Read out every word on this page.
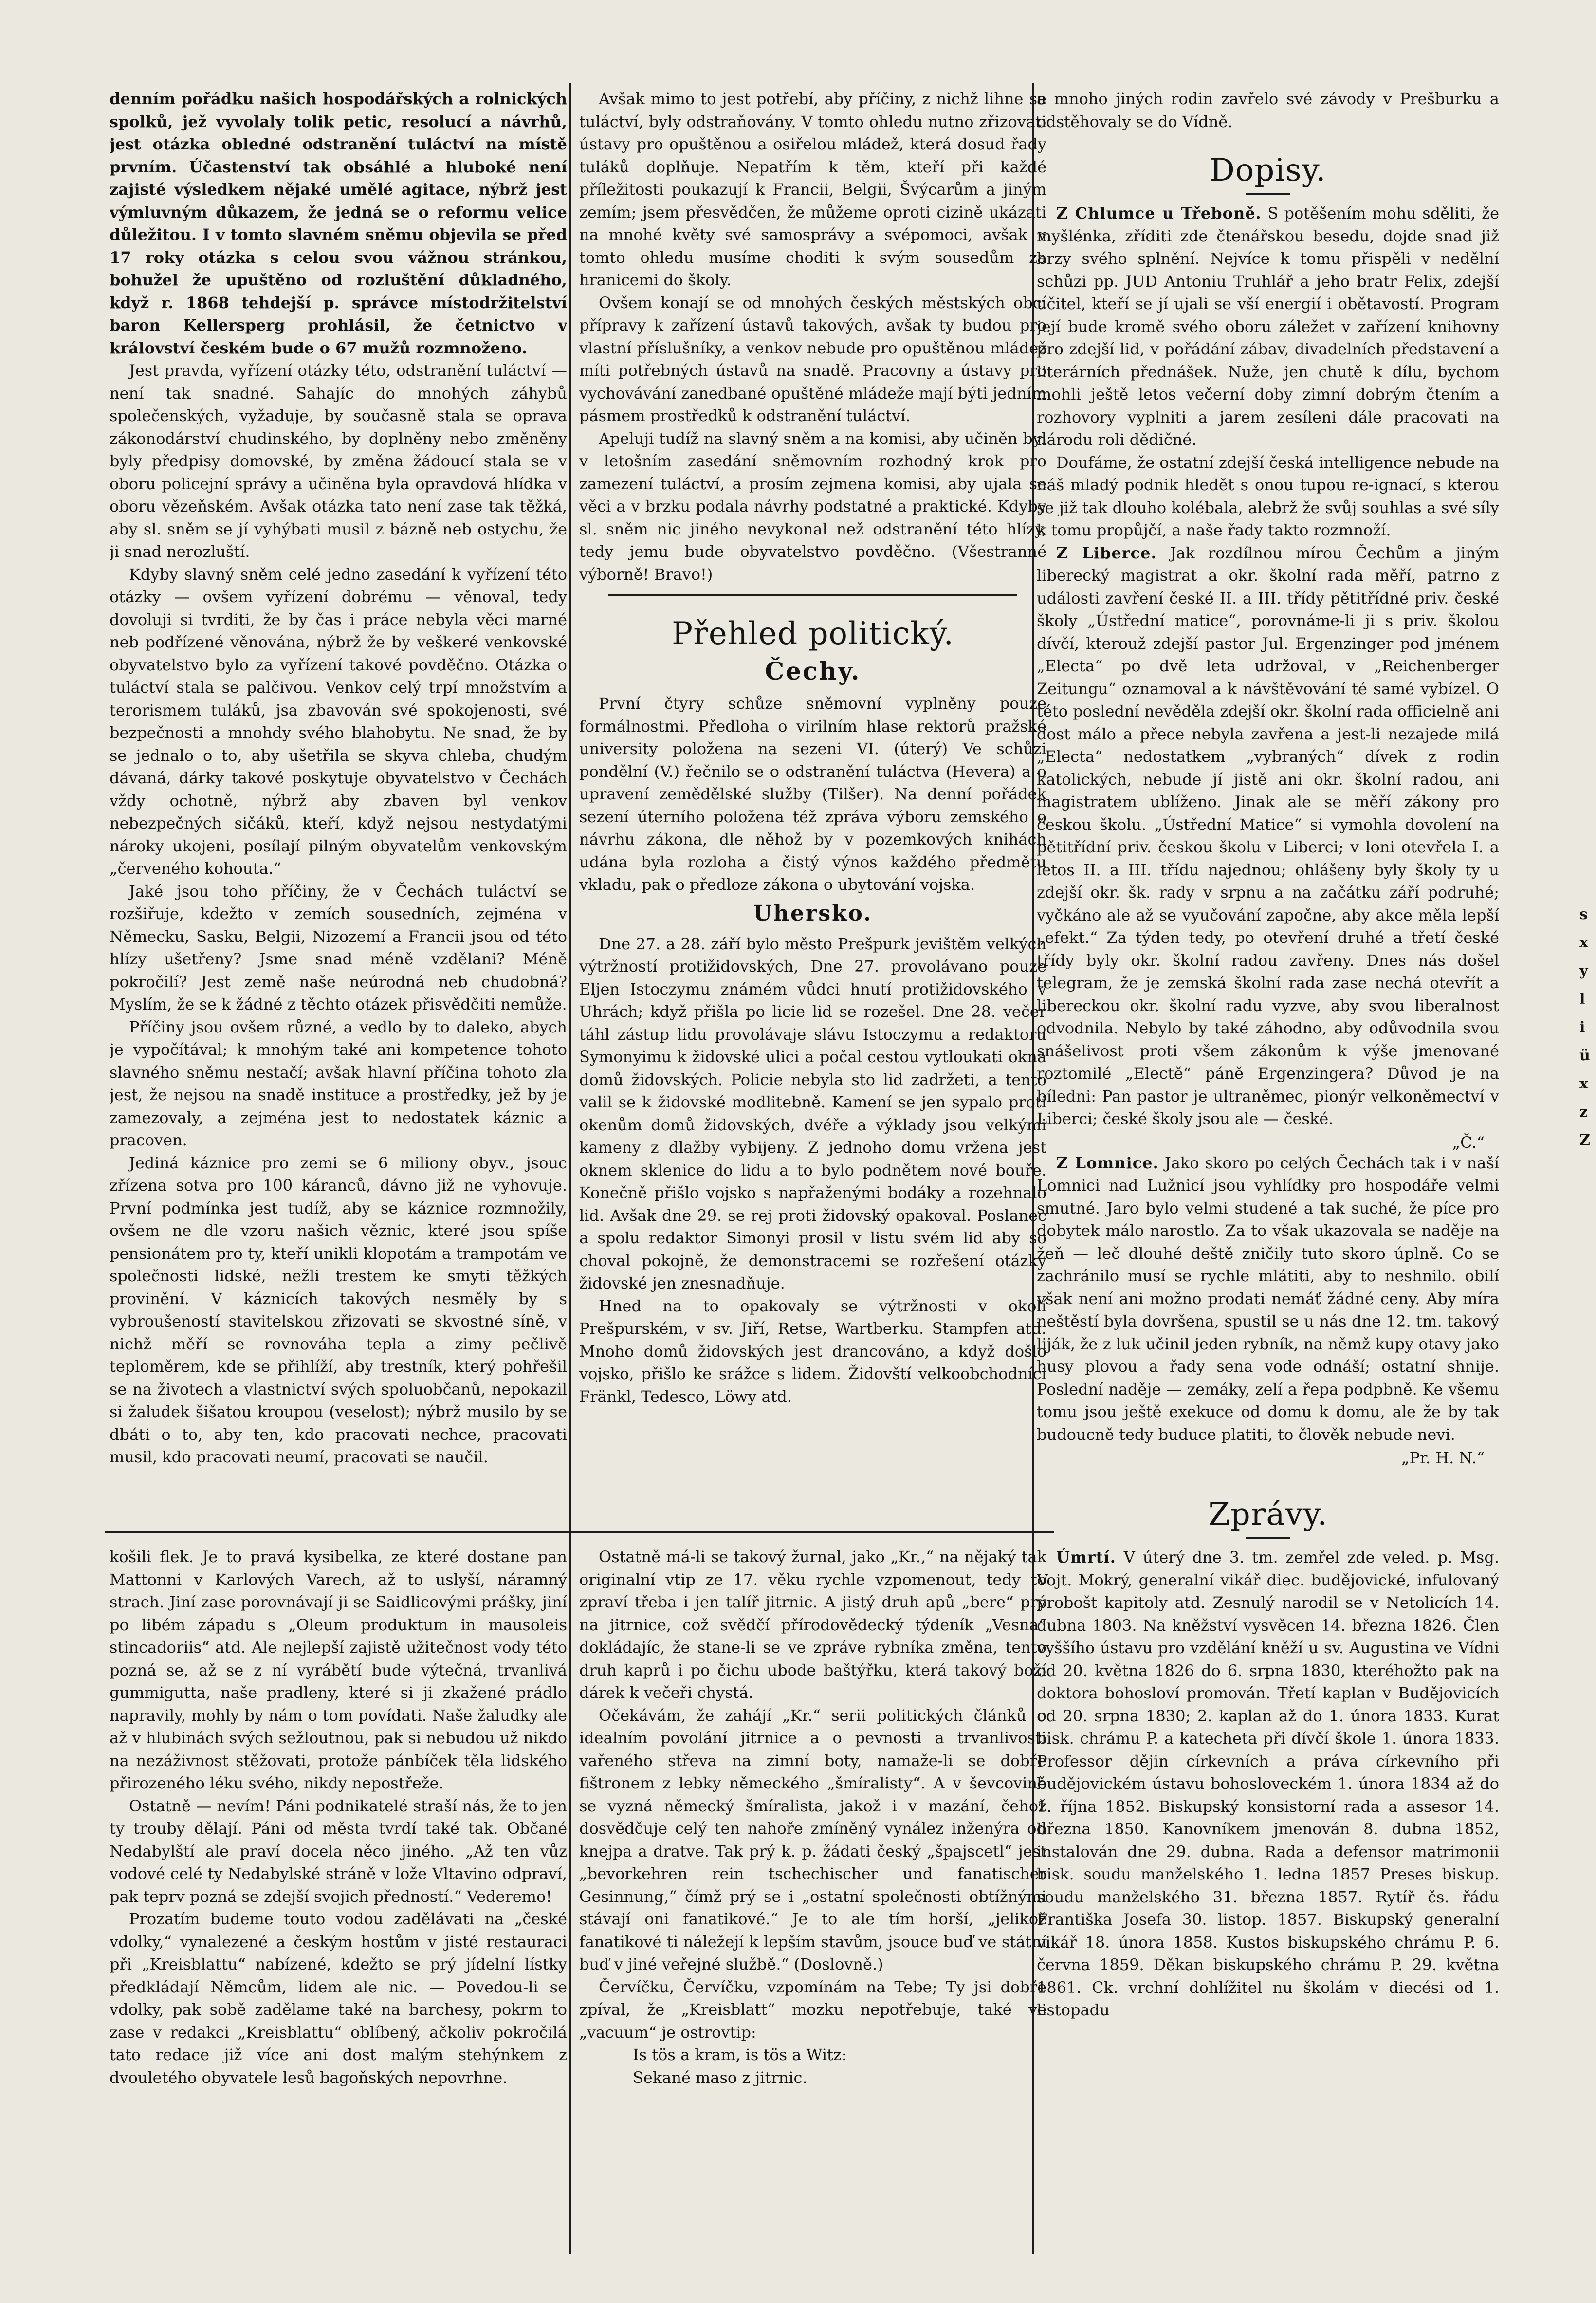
denním pořádku našich hospodářských a rolnických spolků, jež vyvolaly tolik petic, resolucí a návrhů, jest otázka obledné odstranění tuláctví na místě prvním. Účastenství tak obsáhlé a hluboké není zajisté výsledkem nějaké umělé agitace, nýbrž jest výmluvným důkazem, že jedná se o reformu velice důležitou. I v tomto slavném sněmu objevila se před 17 roky otázka s celou svou vážnou stránkou, bohužel že upuštěno od rozluštění důkladného, když r. 1868 tehdejší p. správce místodržitelství baron Kellersperg prohlásil, že četnictvo v království českém bude o 67 mužů rozmnoženo.

Jest pravda, vyřízení otázky této, odstranění tuláctví — není tak snadné. Sahajíc do mnohých záhybů společenských, vyžaduje, by současně stala se oprava zákonodárství chudinského, by doplněny nebo změněny byly předpisy domovské, by změna žádoucí stala se v oboru policejní správy a učiněna byla opravdová hlídka v oboru vězeňském. Avšak otázka tato není zase tak těžká, aby sl. sněm se jí vyhýbati musil z bázně neb ostychu, že ji snad nerozluští.

Kdyby slavný sněm celé jedno zasedání k vyřízení této otázky — ovšem vyřízení dobrému — věnoval, tedy dovoluji si tvrditi, že by čas i práce nebyla věci marné neb podřízené věnována, nýbrž že by veškeré venkovské obyvatelstvo bylo za vyřízení takové povděčno. Otázka o tuláctví stala se palčivou. Venkov celý trpí množstvím a terorismem tuláků, jsa zbavován své spokojenosti, své bezpečnosti a mnohdy svého blahobytu. Ne snad, že by se jednalo o to, aby ušetřila se skyva chleba, chudým dávaná, dárky takové poskytuje obyvatelstvo v Čechách vždy ochotně, nýbrž aby zbaven byl venkov nebezpečných sičáků, kteří, když nejsou nestydatými nároky ukojeni, posílají pilným obyvatelům venkovským „červeného kohouta.“

Jaké jsou toho příčiny, že v Čechách tuláctví se rozšiřuje, kdežto v zemích sousedních, zejména v Německu, Sasku, Belgii, Nizozemí a Francii jsou od této hlízy ušetřeny? Jsme snad méně vzdělani? Méně pokročilí? Jest země naše neúrodná neb chudobná? Myslím, že se k žádné z těchto otázek přisvědčiti nemůže.

Příčiny jsou ovšem různé, a vedlo by to daleko, abych je vypočítával; k mnohým také ani kompetence tohoto slavného sněmu nestačí; avšak hlavní příčina tohoto zla jest, že nejsou na snadě instituce a prostředky, jež by je zamezovaly, a zejména jest to nedostatek káznic a pracoven.

Jediná káznice pro zemi se 6 miliony obyv., jsouc zřízena sotva pro 100 káranců, dávno již ne vyhovuje. První podmínka jest tudíž, aby se káznice rozmnožily, ovšem ne dle vzoru našich věznic, které jsou spíše pensionátem pro ty, kteří unikli klopotám a trampotám ve společnosti lidské, nežli trestem ke smyti těžkých provinění. V káznicích takových nesměly by s vybroušeností stavitelskou zřizovati se skvostné síně, v nichž měří se rovnováha tepla a zimy pečlivě teploměrem, kde se přihlíží, aby trestník, který pohřešil se na životech a vlastnictví svých spoluobčanů, nepokazil si žaludek šišatou kroupou (veselost); nýbrž musilo by se dbáti o to, aby ten, kdo pracovati nechce, pracovati musil, kdo pracovati neumí, pracovati se naučil.

Avšak mimo to jest potřebí, aby příčiny, z nichž lihne se tuláctví, byly odstraňovány. V tomto ohledu nutno zřizovati ústavy pro opuštěnou a osiřelou mládež, která dosud řady tuláků doplňuje. Nepatřím k těm, kteří při každé příležitosti poukazují k Francii, Belgii, Švýcarům a jiným zemím; jsem přesvědčen, že můžeme oproti cizině ukázati na mnohé květy své samosprávy a svépomoci, avšak v tomto ohledu musíme choditi k svým sousedům za hranicemi do školy.

Ovšem konají se od mnohých českých městských obcí přípravy k zařízení ústavů takových, avšak ty budou pro vlastní příslušníky, a venkov nebude pro opuštěnou mládež míti potřebných ústavů na snadě. Pracovny a ústavy pro vychovávání zanedbané opuštěné mládeže mají býti jedním pásmem prostředků k odstranění tuláctví.

Apeluji tudíž na slavný sněm a na komisi, aby učiněn byl v letošním zasedání sněmovním rozhodný krok pro zamezení tuláctví, a prosím zejmena komisi, aby ujala se věci a v brzku podala návrhy podstatné a praktické. Kdyby sl. sněm nic jiného nevykonal než odstranění této hlízy, tedy jemu bude obyvatelstvo povděčno. (Všestranné výborně! Bravo!)

Přehled politický.
Čechy.

První čtyry schůze sněmovní vyplněny pouze formálnostmi. Předloha o virilním hlase rektorů pražské university položena na sezeni VI. (úterý) Ve schůzi pondělní (V.) řečnilo se o odstranění tuláctva (Hevera) a o upravení zemědělské služby (Tilšer). Na denní pořádek sezení úterního položena též zpráva výboru zemského o návrhu zákona, dle něhož by v pozemkových knihách udána byla rozloha a čistý výnos každého předmětu vkladu, pak o předloze zákona o ubytování vojska.

Uhersko.

Dne 27. a 28. září bylo město Prešpurk jevištěm velkých výtržností protižidovských, Dne 27. provolávano pouze Eljen Istoczymu známém vůdci hnutí protižidovského v Uhrách; když přišla po licie lid se rozešel. Dne 28. večer táhl zástup lidu provolávaje slávu Istoczymu a redaktoru Symonyimu k židovské ulici a počal cestou vytloukati okna domů židovských. Policie nebyla sto lid zadržeti, a tento valil se k židovské modlitebně. Kamení se jen sypalo proti okenům domů židovských, dvéře a výklady jsou velkými kameny z dlažby vybijeny. Z jednoho domu vržena jest oknem sklenice do lidu a to bylo podnětem nové bouře. Konečně přišlo vojsko s napřaženými bodáky a rozehnalo lid. Avšak dne 29. se rej proti židovský opakoval. Poslanec a spolu redaktor Simonyi prosil v listu svém lid aby so choval pokojně, že demonstracemi se rozřešení otázky židovské jen znesnadňuje.

Hned na to opakovaly se výtržnosti v okolí Prešpurském, v sv. Jiří, Retse, Wartberku. Stampfen atd. Mnoho domů židovských jest drancováno, a když došlo vojsko, přišlo ke srážce s lidem. Židovští velkoobchodníci Fränkl, Tedesco, Löwy atd.

a mnoho jiných rodin zavřelo své závody v Prešburku a odstěhovaly se do Vídně.

Dopisy.

Z Chlumce u Třeboně. S potěšením mohu sděliti, že myšlénka, zříditi zde čtenářskou besedu, dojde snad již brzy svého splnění. Nejvíce k tomu přispěli v nedělní schůzi pp. JUD Antoniu Truhlář a jeho bratr Felix, zdejší učitel, kteří se jí ujali se vší energií i obětavostí. Program její bude kromě svého oboru záležet v zařízení knihovny pro zdejší lid, v pořádání zábav, divadelních představení a literárních přednášek. Nuže, jen chutě k dílu, bychom mohli ještě letos večerní doby zimní dobrým čtením a rozhovory vyplniti a jarem zesíleni dále pracovati na národu roli dědičné.

Doufáme, že ostatní zdejší česká intelligence nebude na náš mladý podnik hledět s onou tupou re-ignací, s kterou se již tak dlouho kolébala, alebrž že svůj souhlas a své síly k tomu propůjčí, a naše řady takto rozmnoží.

Z Liberce. Jak rozdílnou mírou Čechům a jiným liberecký magistrat a okr. školní rada měří, patrno z události zavření české II. a III. třídy pětitřídné priv. české školy „Ústřední matice“, porovnáme-li ji s priv. školou dívčí, kterouž zdejší pastor Jul. Ergenzinger pod jménem „Electa“ po dvě leta udržoval, v „Reichenberger Zeitungu“ oznamoval a k návštěvování té samé vybízel. O této poslední nevěděla zdejší okr. školní rada officielně ani dost málo a přece nebyla zavřena a jest-li nezajede milá „Electa“ nedostatkem „vybraných“ dívek z rodin katolických, nebude jí jistě ani okr. školní radou, ani magistratem ublíženo. Jinak ale se měří zákony pro českou školu. „Ústřední Matice“ si vymohla dovolení na pětitřídní priv. českou školu v Liberci; v loni otevřela I. a letos II. a III. třídu najednou; ohlášeny byly školy ty u zdejší okr. šk. rady v srpnu a na začátku září podruhé; vyčkáno ale až se vyučování započne, aby akce měla lepší „efekt.“ Za týden tedy, po otevření druhé a třetí české třídy byly okr. školní radou zavřeny. Dnes nás došel telegram, že je zemská školní rada zase nechá otevřít a libereckou okr. školní radu vyzve, aby svou liberalnost odvodnila. Nebylo by také záhodno, aby odůvodnila svou snášelivost proti všem zákonům k výše jmenované roztomilé „Electě“ páně Ergenzingera? Důvod je na bíledni: Pan pastor je ultraněmec, pionýr velkoněmectví v Liberci; české školy jsou ale — české.

„Č.“

Z Lomnice. Jako skoro po celých Čechách tak i v naší Lomnici nad Lužnicí jsou vyhlídky pro hospodáře velmi smutné. Jaro bylo velmi studené a tak suché, že píce pro dobytek málo narostlo. Za to však ukazovala se naděje na žeň — leč dlouhé deště zničily tuto skoro úplně. Co se zachránilo musí se rychle mlátiti, aby to neshnilo. obilí však není ani možno prodati nemáť žádné ceny. Aby míra neštěstí byla dovršena, spustil se u nás dne 12. tm. takový liják, že z luk učinil jeden rybník, na němž kupy otavy jako husy plovou a řady sena vode odnáší; ostatní shnije. Poslední naděje — zemáky, zelí a řepa podpbně. Ke všemu tomu jsou ještě exekuce od domu k domu, ale že by tak budoucně tedy buduce platiti, to člověk nebude nevi.

„Pr. H. N.“
Zprávy.

Úmrtí. V úterý dne 3. tm. zemřel zde veled. p. Msg. Vojt. Mokrý, generalní vikář diec. budějovické, infulovaný probošt kapitoly atd. Zesnulý narodil se v Netolicích 14. dubna 1803. Na kněžství vysvěcen 14. března 1826. Člen vyššího ústavu pro vzdělání kněží u sv. Augustina ve Vídni od 20. května 1826 do 6. srpna 1830, kteréhožto pak na doktora bohosloví promován. Třetí kaplan v Budějovicích od 20. srpna 1830; 2. kaplan až do 1. února 1833. Kurat bisk. chrámu P. a katecheta při dívčí škole 1. února 1833. Professor dějin církevních a práva církevního při budějovickém ústavu bohosloveckém 1. února 1834 až do 1. října 1852. Biskupský konsistorní rada a assesor 14. března 1850. Kanovníkem jmenován 8. dubna 1852, instalován dne 29. dubna. Rada a defensor matrimonii bisk. soudu manželského 1. ledna 1857 Preses biskup. soudu manželského 31. března 1857. Rytíř čs. řádu Františka Josefa 30. listop. 1857. Biskupský generalní vikář 18. února 1858. Kustos biskupského chrámu P. 6. června 1859. Děkan biskupského chrámu P. 29. května 1861. Ck. vrchní dohlížitel nu školám v diecési od 1. listopadu

košili flek. Je to pravá kysibelka, ze které dostane pan Mattonni v Karlových Varech, až to uslyší, náramný strach. Jiní zase porovnávají ji se Saidlicovými prášky, jiní po libém západu s „Oleum produktum in mausoleis stincadoriis“ atd. Ale nejlepší zajistě užitečnost vody této pozná se, až se z ní vyrábětí bude výtečná, trvanlivá gummigutta, naše pradleny, které si ji zkažené prádlo napravily, mohly by nám o tom povídati. Naše žaludky ale až v hlubinách svých sežloutnou, pak si nebudou už nikdo na nezáživnost stěžovati, protože pánbíček těla lidského přirozeného léku svého, nikdy nepostřeže.

Ostatně — nevím! Páni podnikatelé straší nás, že to jen ty trouby dělají. Páni od města tvrdí také tak. Občané Nedabylští ale praví docela něco jiného. „Až ten vůz vodové celé ty Nedabylské stráně v lože Vltavino odpraví, pak teprv pozná se zdejší svojich předností.“ Vederemo!

Prozatím budeme touto vodou zadělávati na „české vdolky,“ vynalezené a českým hostům v jisté restauraci při „Kreisblattu“ nabízené, kdežto se prý jídelní lístky předkládají Němcům, lidem ale nic. — Povedou-li se vdolky, pak sobě zadělame také na barchesy, pokrm to zase v redakci „Kreisblattu“ oblíbený, ačkoliv pokročilá tato redace již více ani dost malým stehýnkem z dvouletého obyvatele lesů bagoňských nepovrhne.

Ostatně má-li se takový žurnal, jako „Kr.,“ na nějaký tak originalní vtip ze 17. věku rychle vzpomenout, tedy to zpraví třeba i jen talíř jitrnic. A jistý druh apů „bere“ prý na jitrnice, což svědčí přírodovědecký týdeník „Vesna“ dokládajíc, že stane-li se ve zpráve rybníka změna, tento druh kaprů i po čichu ubode baštýřku, která takový boží dárek k večeři chystá.

Očekávám, že zahájí „Kr.“ serii politických článků o idealním povolání jitrnice a o pevnosti a trvanlivosti vařeného střeva na zimní boty, namaže-li se dobře fištronem z lebky německého „šmíralisty“. A v ševcovině se vyzná německý šmíralista, jakož i v mazání, čehož dosvědčuje celý ten nahoře zmíněný vynález inženýra od knejpa a dratve. Tak prý k. p. žádati český „špajscetl“ jest „bevorkehren rein tschechischer und fanatischer Gesinnung,“ čímž prý se i „ostatní společnosti obtížnými stávají oni fanatikové.“ Je to ale tím horší, „jelikož fanatikové ti náležejí k lepším stavům, jsouce buď ve státní buď v jiné veřejné službě.“ (Doslovně.)

Červíčku, Červíčku, vzpomínám na Tebe; Ty jsi dobře zpíval, že „Kreisblatt“ mozku nepotřebuje, také ve „vacuum“ je ostrovtip:

Is tös a kram, is tös a Witz:
Sekané maso z jitrnic.
s
x
y
l
i
ü
x
z
Z
